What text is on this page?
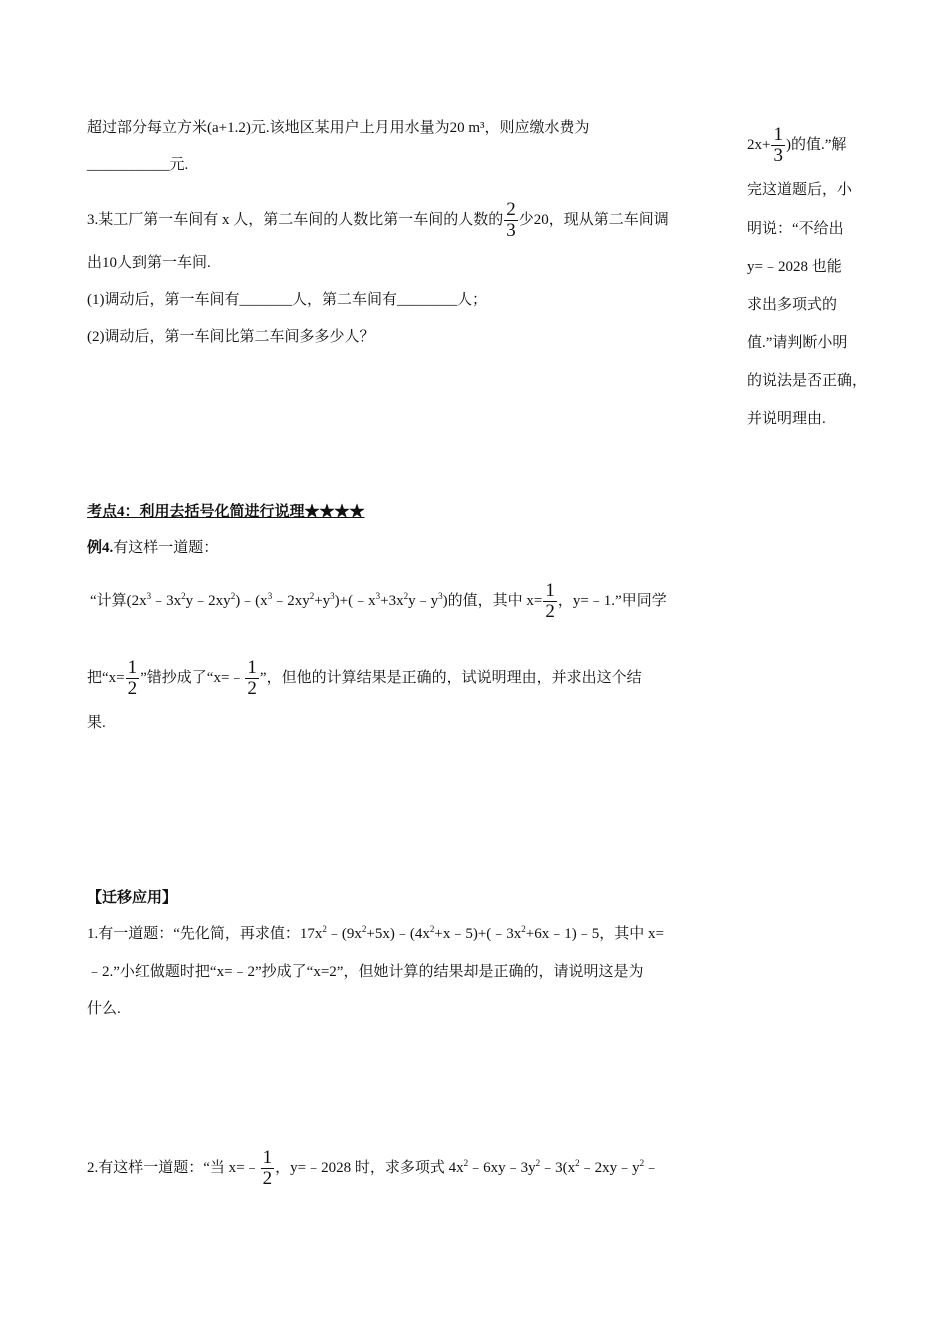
超过部分每立方米(a+1.2)元.该地区某用户上月用水量为20 m³，则应缴水费为
___________元.
3.某工厂第一车间有 x 人，第二车间的人数比第一车间的人数的 $\frac{2}{3}$ 少20，现从第二车间调
出10人到第一车间.
(1)调动后，第一车间有_______人，第二车间有________人；
(2)调动后，第一车间比第二车间多多少人？
考点4：利用去括号化简进行说理★★★★
例4.有这样一道题：
“计算$(2x^3﹣3x^2y﹣2xy^2)﹣(x^3﹣2xy^2+y^3)+(﹣x^3+3x^2y﹣y^3)$的值，其中 $x= \frac{1}{2}$ ，y=﹣1.”甲同学
把“$x= \frac{1}{2}$ ”错抄成了“x=﹣ $\frac{1}{2}$ ”，但他的计算结果是正确的，试说明理由，并求出这个结
果.
【迁移应用】
1.有一道题：“先化简，再求值：$17x^2﹣(9x^2+5x)﹣(4x^2+x﹣5)+(﹣3x^2+6x﹣1)﹣5$，其中 x=
﹣2.”小红做题时把“x=﹣2”抄成了“x=2”，但她计算的结果却是正确的，请说明这是为
什么.
2.有这样一道题：“当 x=﹣ $\frac{1}{2}$ ，y=﹣2028 时，求多项式 $4x^2﹣6xy﹣3y^2﹣3(x^2﹣2xy﹣y^2﹣$
$2x+ \frac{1}{3}$ )的值.”解
完这道题后，小
明说：“不给出
y=﹣2028 也能
求出多项式的
值.”请判断小明
的说法是否正确，
并说明理由.
